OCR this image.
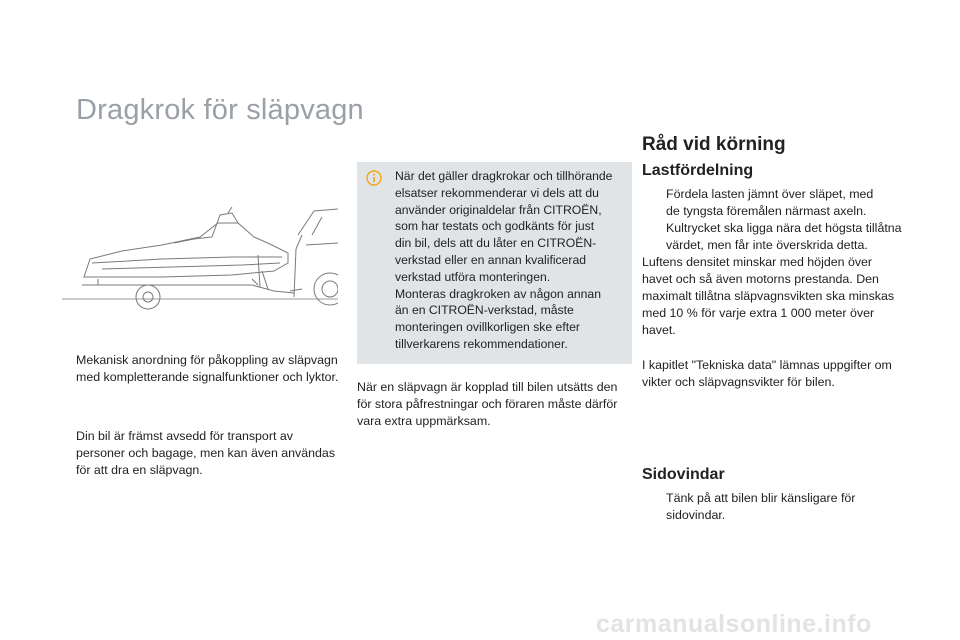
Dragkrok för släpvagn

Mekanisk anordning för påkoppling av släpvagn med kompletterande signalfunktioner och lyktor.

Din bil är främst avsedd för transport av personer och bagage, men kan även användas för att dra en släpvagn.

När det gäller dragkrokar och tillhörande
elsatser rekommenderar vi dels att du
använder originaldelar från CITROËN,
som har testats och godkänts för just
din bil, dels att du låter en CITROËN-
verkstad eller en annan kvalificerad
verkstad utföra monteringen.
Monteras dragkroken av någon annan
än en CITROËN-verkstad, måste
monteringen ovillkorligen ske efter
tillverkarens rekommendationer.

När en släpvagn är kopplad till bilen utsätts den för stora påfrestningar och föraren måste därför vara extra uppmärksam.

Råd vid körning
Lastfördelning
Fördela lasten jämnt över släpet, med
de tyngsta föremålen närmast axeln.
Kultrycket ska ligga nära det högsta tillåtna
värdet, men får inte överskrida detta.
Luftens densitet minskar med höjden över
havet och så även motorns prestanda. Den
maximalt tillåtna släpvagnsvikten ska minskas
med 10 % för varje extra 1 000 meter över
havet.
I kapitlet "Tekniska data" lämnas uppgifter om
vikter och släpvagnsvikter för bilen.
Sidovindar
Tänk på att bilen blir känsligare för
sidovindar.
carmanualsonline.info
